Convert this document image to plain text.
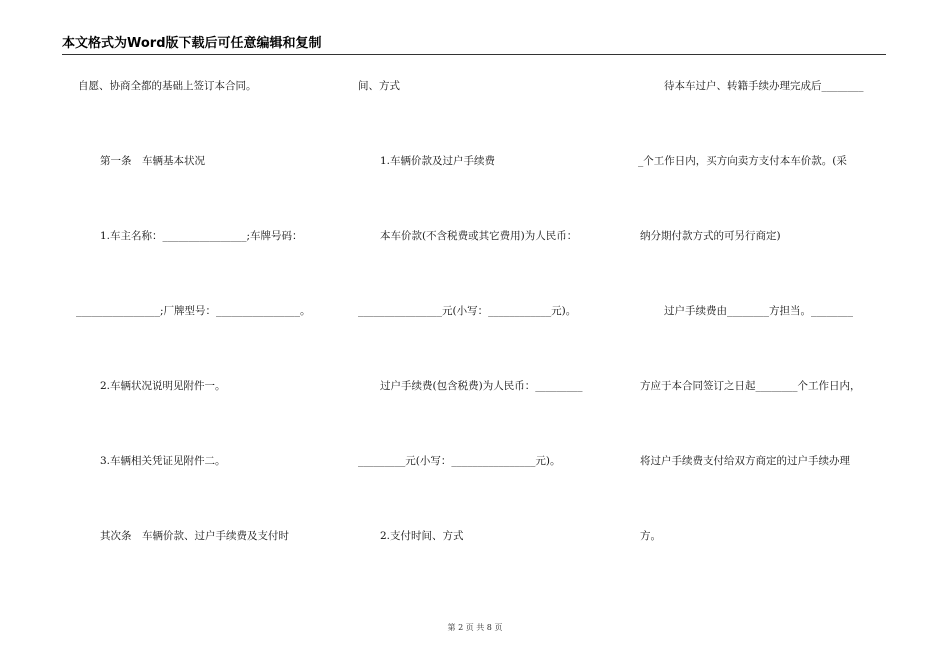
本文格式为Word版下载后可任意编辑和复制
自愿、协商全都的基础上签订本合同。
第一条　车辆基本状况
1.车主名称：________________;车牌号码：
________________;厂牌型号：________________。
2.车辆状况说明见附件一。
3.车辆相关凭证见附件二。
其次条　车辆价款、过户手续费及支付时
间、方式
1.车辆价款及过户手续费
本车价款(不含税费或其它费用)为人民币：
________________元(小写：____________元)。
过户手续费(包含税费)为人民币：_________
_________元(小写：________________元)。
2.支付时间、方式
待本车过户、转籍手续办理完成后________
_个工作日内，买方向卖方支付本车价款。(采
纳分期付款方式的可另行商定)
过户手续费由________方担当。________
方应于本合同签订之日起________个工作日内，
将过户手续费支付给双方商定的过户手续办理
方。
第 2 页 共 8 页
